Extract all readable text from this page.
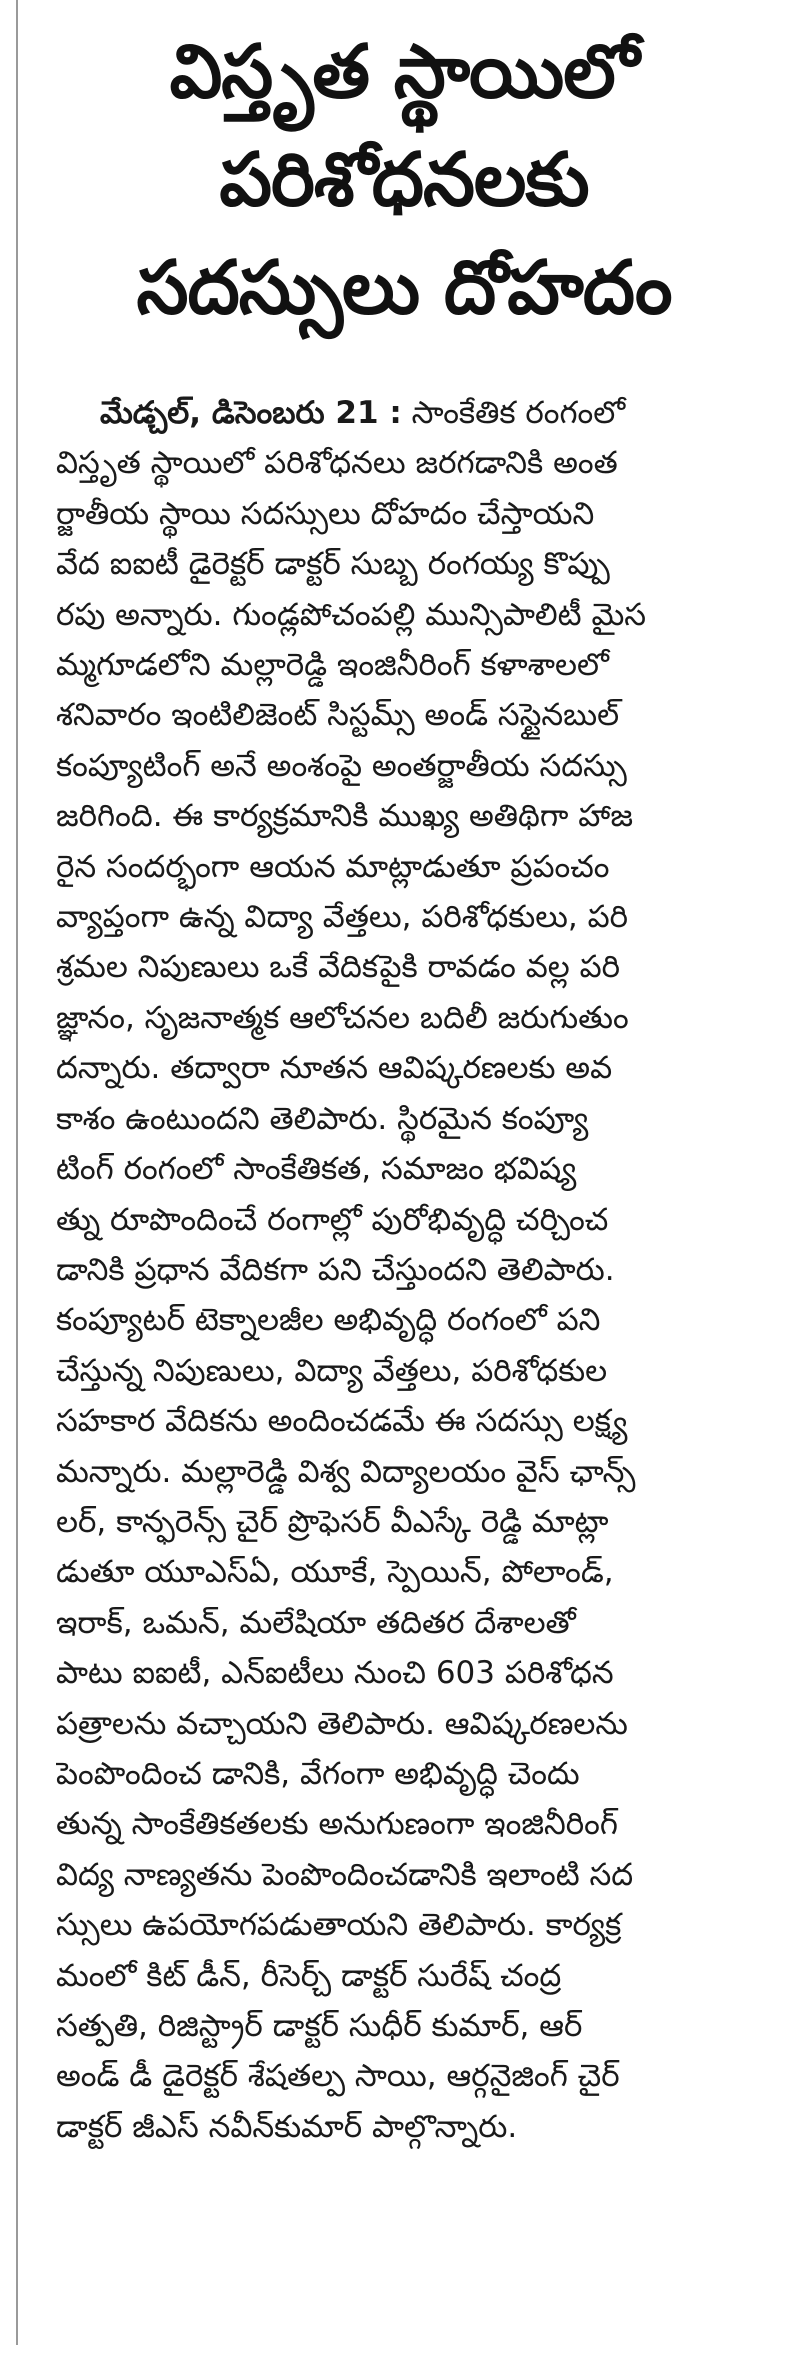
విస్తృత స్థాయిలో
పరిశోధనలకు
సదస్సులు దోహదం
మేడ్చల్, డిసెంబరు 21 : సాంకేతిక రంగంలో
విస్తృత స్థాయిలో పరిశోధనలు జరగడానికి అంత
ర్జాతీయ స్థాయి సదస్సులు దోహదం చేస్తాయని
వేద ఐఐటీ డైరెక్టర్ డాక్టర్ సుబ్బ రంగయ్య కొప్పు
రపు అన్నారు. గుండ్లపోచంపల్లి మున్సిపాలిటీ మైస
మ్మగూడలోని మల్లారెడ్డి ఇంజినీరింగ్ కళాశాలలో
శనివారం ఇంటిలిజెంట్ సిస్టమ్స్ అండ్ సస్టైనబుల్
కంప్యూటింగ్ అనే అంశంపై అంతర్జాతీయ సదస్సు
జరిగింది. ఈ కార్యక్రమానికి ముఖ్య అతిథిగా హాజ
రైన సందర్భంగా ఆయన మాట్లాడుతూ ప్రపంచం
వ్యాప్తంగా ఉన్న విద్యా వేత్తలు, పరిశోధకులు, పరి
శ్రమల నిపుణులు ఒకే వేదికపైకి రావడం వల్ల పరి
జ్ఞానం, సృజనాత్మక ఆలోచనల బదిలీ జరుగుతుం
దన్నారు. తద్వారా నూతన ఆవిష్కరణలకు అవ
కాశం ఉంటుందని తెలిపారు. స్థిరమైన కంప్యూ
టింగ్ రంగంలో సాంకేతికత, సమాజం భవిష్య
త్ను రూపొందించే రంగాల్లో పురోభివృద్ధి చర్చించ
డానికి ప్రధాన వేదికగా పని చేస్తుందని తెలిపారు.
కంప్యూటర్ టెక్నాలజీల అభివృద్ధి రంగంలో పని
చేస్తున్న నిపుణులు, విద్యా వేత్తలు, పరిశోధకుల
సహకార వేదికను అందించడమే ఈ సదస్సు లక్ష్య
మన్నారు. మల్లారెడ్డి విశ్వ విద్యాలయం వైస్ ఛాన్స్
లర్, కాన్ఫరెన్స్ చైర్ ప్రొఫెసర్ వీఎస్కే రెడ్డి మాట్లా
డుతూ యూఎస్ఏ, యూకే, స్పెయిన్, పోలాండ్,
ఇరాక్, ఒమన్, మలేషియా తదితర దేశాలతో
పాటు ఐఐటీ, ఎన్ఐటీలు నుంచి 603 పరిశోధన
పత్రాలను వచ్చాయని తెలిపారు. ఆవిష్కరణలను
పెంపొందించ డానికి, వేగంగా అభివృద్ధి చెందు
తున్న సాంకేతికతలకు అనుగుణంగా ఇంజినీరింగ్
విద్య నాణ్యతను పెంపొందించడానికి ఇలాంటి సద
స్సులు ఉపయోగపడుతాయని తెలిపారు. కార్యక్ర
మంలో కిట్ డీన్, రీసెర్చ్ డాక్టర్ సురేష్ చంద్ర
సత్పతి, రిజిస్ట్రార్ డాక్టర్ సుధీర్ కుమార్, ఆర్
అండ్ డీ డైరెక్టర్ శేషతల్ప సాయి, ఆర్గనైజింగ్ చైర్
డాక్టర్ జీఎస్ నవీన్‌కుమార్ పాల్గొన్నారు.
